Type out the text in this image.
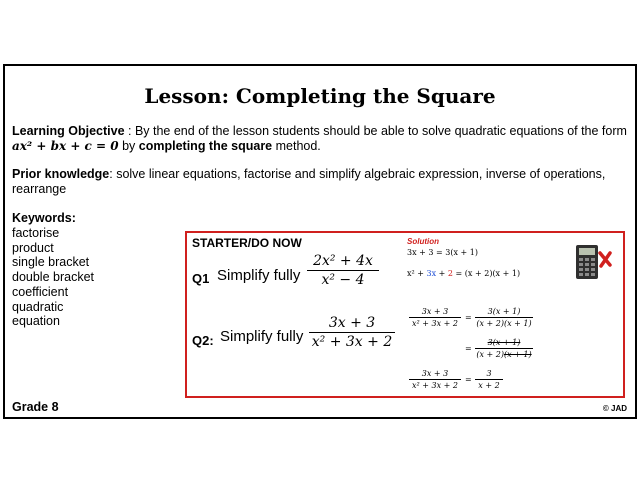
Lesson: Completing the Square
Learning Objective : By the end of the lesson students should be able to solve quadratic equations of the form ax² + bx + c = 0 by completing the square method.
Prior knowledge: solve linear equations, factorise and simplify algebraic expression, inverse of operations, rearrange
Keywords:
factorise
product
single bracket
double bracket
coefficient
quadratic
equation
STARTER/DO NOW
Q1 Simplify fully $\frac{\text{2x² + 4x}}{\text{x² − 4}}$
Q2: Simplify fully $\frac{3x + 3}{\text{x² + 3x + 2}}$
Solution
3x + 3 = 3(x + 1)
x² + 3x + 2 = (x + 2)(x + 1)
$\frac{3x + 3}{\text{x² + 3x + 2}} = \frac{3(x + 1)}{(x + 2)(x + 1)}$
= $\frac{3(x + 1)}{(x + 2)(x + 1)}$
$\frac{3x + 3}{\text{x² + 3x + 2}} = \frac{3}{x + 2}$
Grade 8	© JAD
